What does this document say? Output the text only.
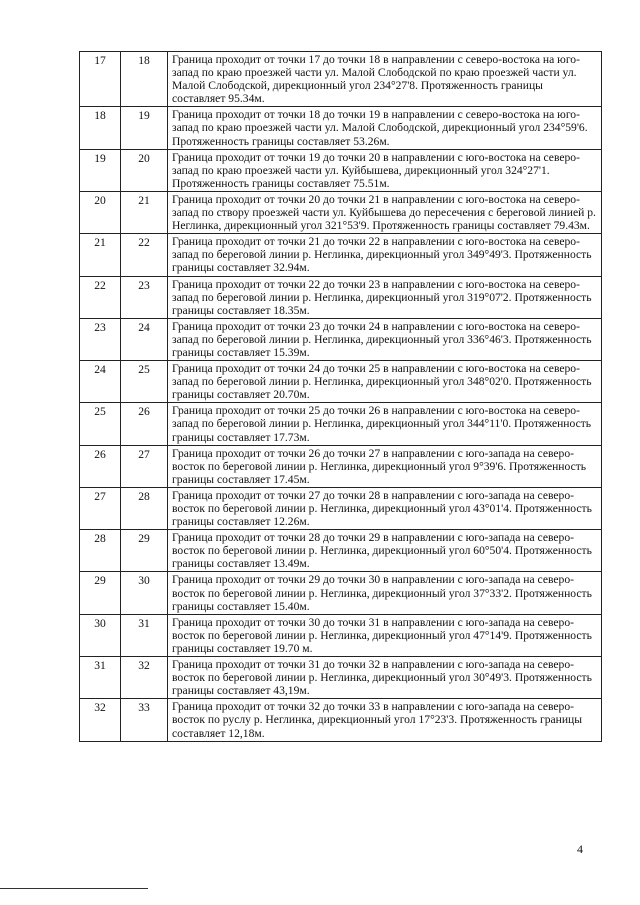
17	18	Граница проходит от точки 17 до точки 18 в направлении с северо-востока на юго-запад по краю проезжей части ул. Малой Слободской по краю проезжей части ул. Малой Слободской, дирекционный угол 234°27'8. Протяженность границы составляет 95.34м.

18	19	Граница проходит от точки 18 до точки 19 в направлении с северо-востока на юго-запад по краю проезжей части ул. Малой Слободской, дирекционный угол 234°59'6. Протяженность границы составляет 53.26м.

19	20	Граница проходит от точки 19 до точки 20 в направлении с юго-востока на северо-запад по краю проезжей части ул. Куйбышева, дирекционный угол 324°27'1. Протяженность границы составляет 75.51м.

20	21	Граница проходит от точки 20 до точки 21 в направлении с юго-востока на северо-запад по створу проезжей части ул. Куйбышева до пересечения с береговой линией р. Неглинка, дирекционный угол 321°53'9. Протяженность границы составляет 79.43м.

21	22	Граница проходит от точки 21 до точки 22 в направлении с юго-востока на северо-запад по береговой линии р. Неглинка, дирекционный угол 349°49'3. Протяженность границы составляет 32.94м.

22	23	Граница проходит от точки 22 до точки 23 в направлении с юго-востока на северо-запад по береговой линии р. Неглинка, дирекционный угол 319°07'2. Протяженность границы составляет 18.35м.

23	24	Граница проходит от точки 23 до точки 24 в направлении с юго-востока на северо-запад по береговой линии р. Неглинка, дирекционный угол 336°46'3. Протяженность границы составляет 15.39м.

24	25	Граница проходит от точки 24 до точки 25 в направлении с юго-востока на северо-запад по береговой линии р. Неглинка, дирекционный угол 348°02'0. Протяженность границы составляет 20.70м.

25	26	Граница проходит от точки 25 до точки 26 в направлении с юго-востока на северо-запад по береговой линии р. Неглинка, дирекционный угол 344°11'0. Протяженность границы составляет 17.73м.

26	27	Граница проходит от точки 26 до точки 27 в направлении с юго-запада на северо-восток по береговой линии р. Неглинка, дирекционный угол 9°39'6. Протяженность границы составляет 17.45м.

27	28	Граница проходит от точки 27 до точки 28 в направлении с юго-запада на северо-восток по береговой линии р. Неглинка, дирекционный угол 43°01'4. Протяженность границы составляет 12.26м.

28	29	Граница проходит от точки 28 до точки 29 в направлении с юго-запада на северо-восток по береговой линии р. Неглинка, дирекционный угол 60°50'4. Протяженность границы составляет 13.49м.

29	30	Граница проходит от точки 29 до точки 30 в направлении с юго-запада на северо-восток по береговой линии р. Неглинка, дирекционный угол 37°33'2. Протяженность границы составляет 15.40м.

30	31	Граница проходит от точки 30 до точки 31 в направлении с юго-запада на северо-восток по береговой линии р. Неглинка, дирекционный угол 47°14'9. Протяженность границы составляет 19.70 м.

31	32	Граница проходит от точки 31 до точки 32 в направлении с юго-запада на северо-восток по береговой линии р. Неглинка, дирекционный угол 30°49'3. Протяженность границы составляет 43,19м.

32	33	Граница проходит от точки 32 до точки 33 в направлении с юго-запада на северо-восток по руслу р. Неглинка, дирекционный угол 17°23'3. Протяженность границы составляет 12,18м.
4
